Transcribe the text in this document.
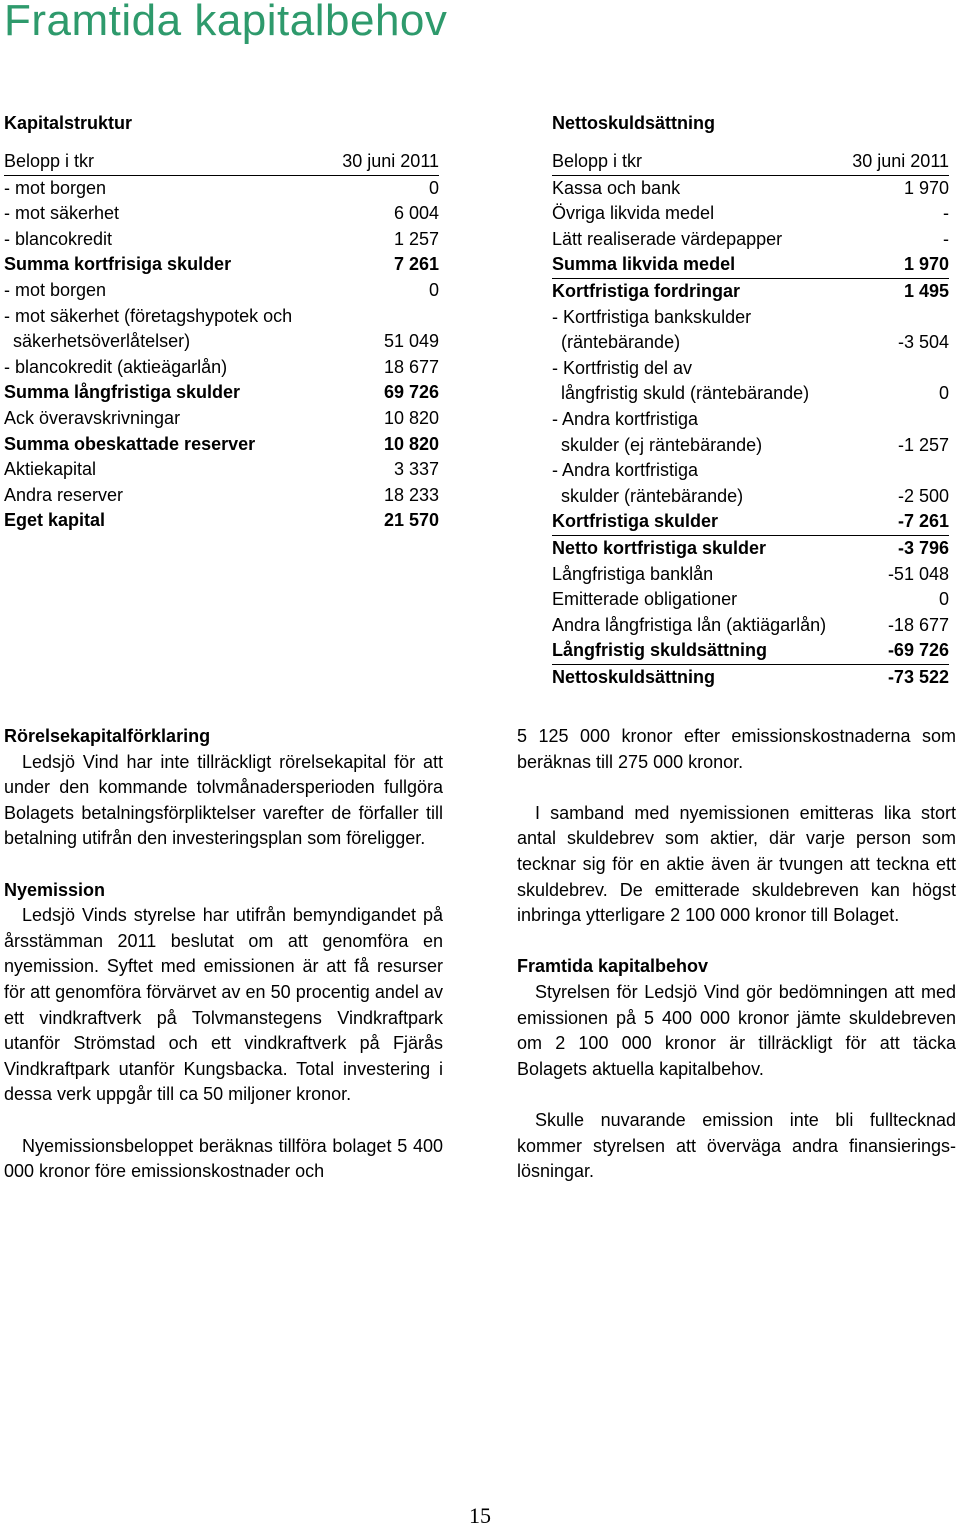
Framtida kapitalbehov
Kapitalstruktur
Belopp i tkr	30 juni 2011
- mot borgen	0
- mot säkerhet	6 004
- blancokredit	1 257
Summa kortfrisiga skulder	7 261
- mot borgen	0
- mot säkerhet (företagshypotek och
säkerhetsöverlåtelser)	51 049
- blancokredit (aktieägarlån)	18 677
Summa långfristiga skulder	69 726
Ack överavskrivningar	10 820
Summa obeskattade reserver	10 820
Aktiekapital	3 337
Andra reserver	18 233
Eget kapital	21 570
Nettoskuldsättning
Belopp i tkr	30 juni 2011
Kassa och bank	1 970
Övriga likvida medel	-
Lätt realiserade värdepapper	-
Summa likvida medel	1 970
Kortfristiga fordringar	1 495
- Kortfristiga bankskulder
(räntebärande)	-3 504
- Kortfristig del av
långfristig skuld (räntebärande)	0
- Andra kortfristiga
skulder (ej räntebärande)	-1 257
- Andra kortfristiga
skulder (räntebärande)	-2 500
Kortfristiga skulder	-7 261
Netto kortfristiga skulder	-3 796
Långfristiga banklån	-51 048
Emitterade obligationer	0
Andra långfristiga lån (aktiägarlån)	-18 677
Långfristig skuldsättning	-69 726
Nettoskuldsättning	-73 522

Rörelsekapitalförklaring

Ledsjö Vind har inte tillräckligt rörelsekapital för att under den kommande tolvmånadersperioden fullgöra Bolagets betalningsförpliktelser varefter de förfaller till betalning utifrån den investeringsplan som föreligger.

Nyemission

Ledsjö Vinds styrelse har utifrån bemyndigandet på årsstämman 2011 beslutat om att genomföra en nyemission. Syftet med emissionen är att få resurser för att genomföra förvärvet av en 50 procentig andel av ett vindkraftverk på Tolvmanstegens Vindkraftpark utanför Strömstad och ett vindkraftverk på Fjärås Vindkraftpark utanför Kungsbacka. Total investering i dessa verk uppgår till ca 50 miljoner kronor.

Nyemissionsbeloppet beräknas tillföra bolaget 5 400 000 kronor före emissionskostnader och

5 125 000 kronor efter emissionskostnaderna som beräknas till 275 000 kronor.

I samband med nyemissionen emitteras lika stort antal skuldebrev som aktier, där varje person som tecknar sig för en aktie även är tvungen att teckna ett skuldebrev. De emitterade skuldebreven kan högst inbringa ytterligare 2 100 000 kronor till Bolaget.

Framtida kapitalbehov

Styrelsen för Ledsjö Vind gör bedömningen att med emissionen på 5 400 000 kronor jämte skuldebreven om 2 100 000 kronor är tillräckligt för att täcka Bolagets aktuella kapitalbehov.

Skulle nuvarande emission inte bli fulltecknad kommer styrelsen att överväga andra finansierings-lösningar.

15
